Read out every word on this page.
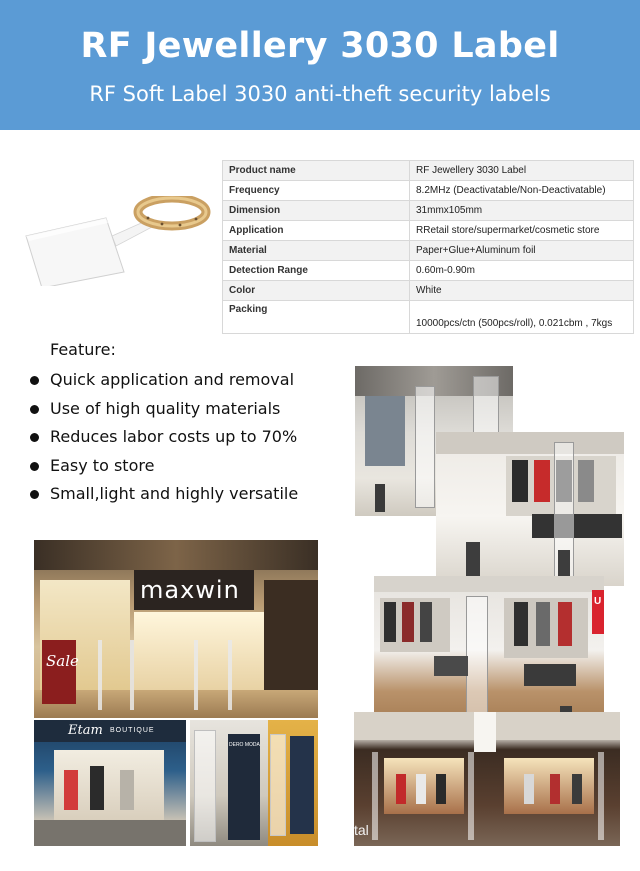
RF Jewellery 3030 Label
RF Soft Label 3030 anti-theft security labels
Product name	RF Jewellery 3030 Label
Frequency	8.2MHz (Deactivatable/Non-Deactivatable)
Dimension	31mmx105mm
Application	RRetail store/supermarket/cosmetic store
Material	Paper+Glue+Aluminum foil
Detection Range	0.60m-0.90m
Color	White
Packing	10000pcs/ctn (500pcs/roll), 0.021cbm , 7kgs
Feature:
Quick application and removal
Use of high quality materials
Reduces labor costs up to 70%
Easy to store
Small,light and highly versatile
maxwin
Sale
Etam BOUTIQUE
DERO MODA
U
tal
